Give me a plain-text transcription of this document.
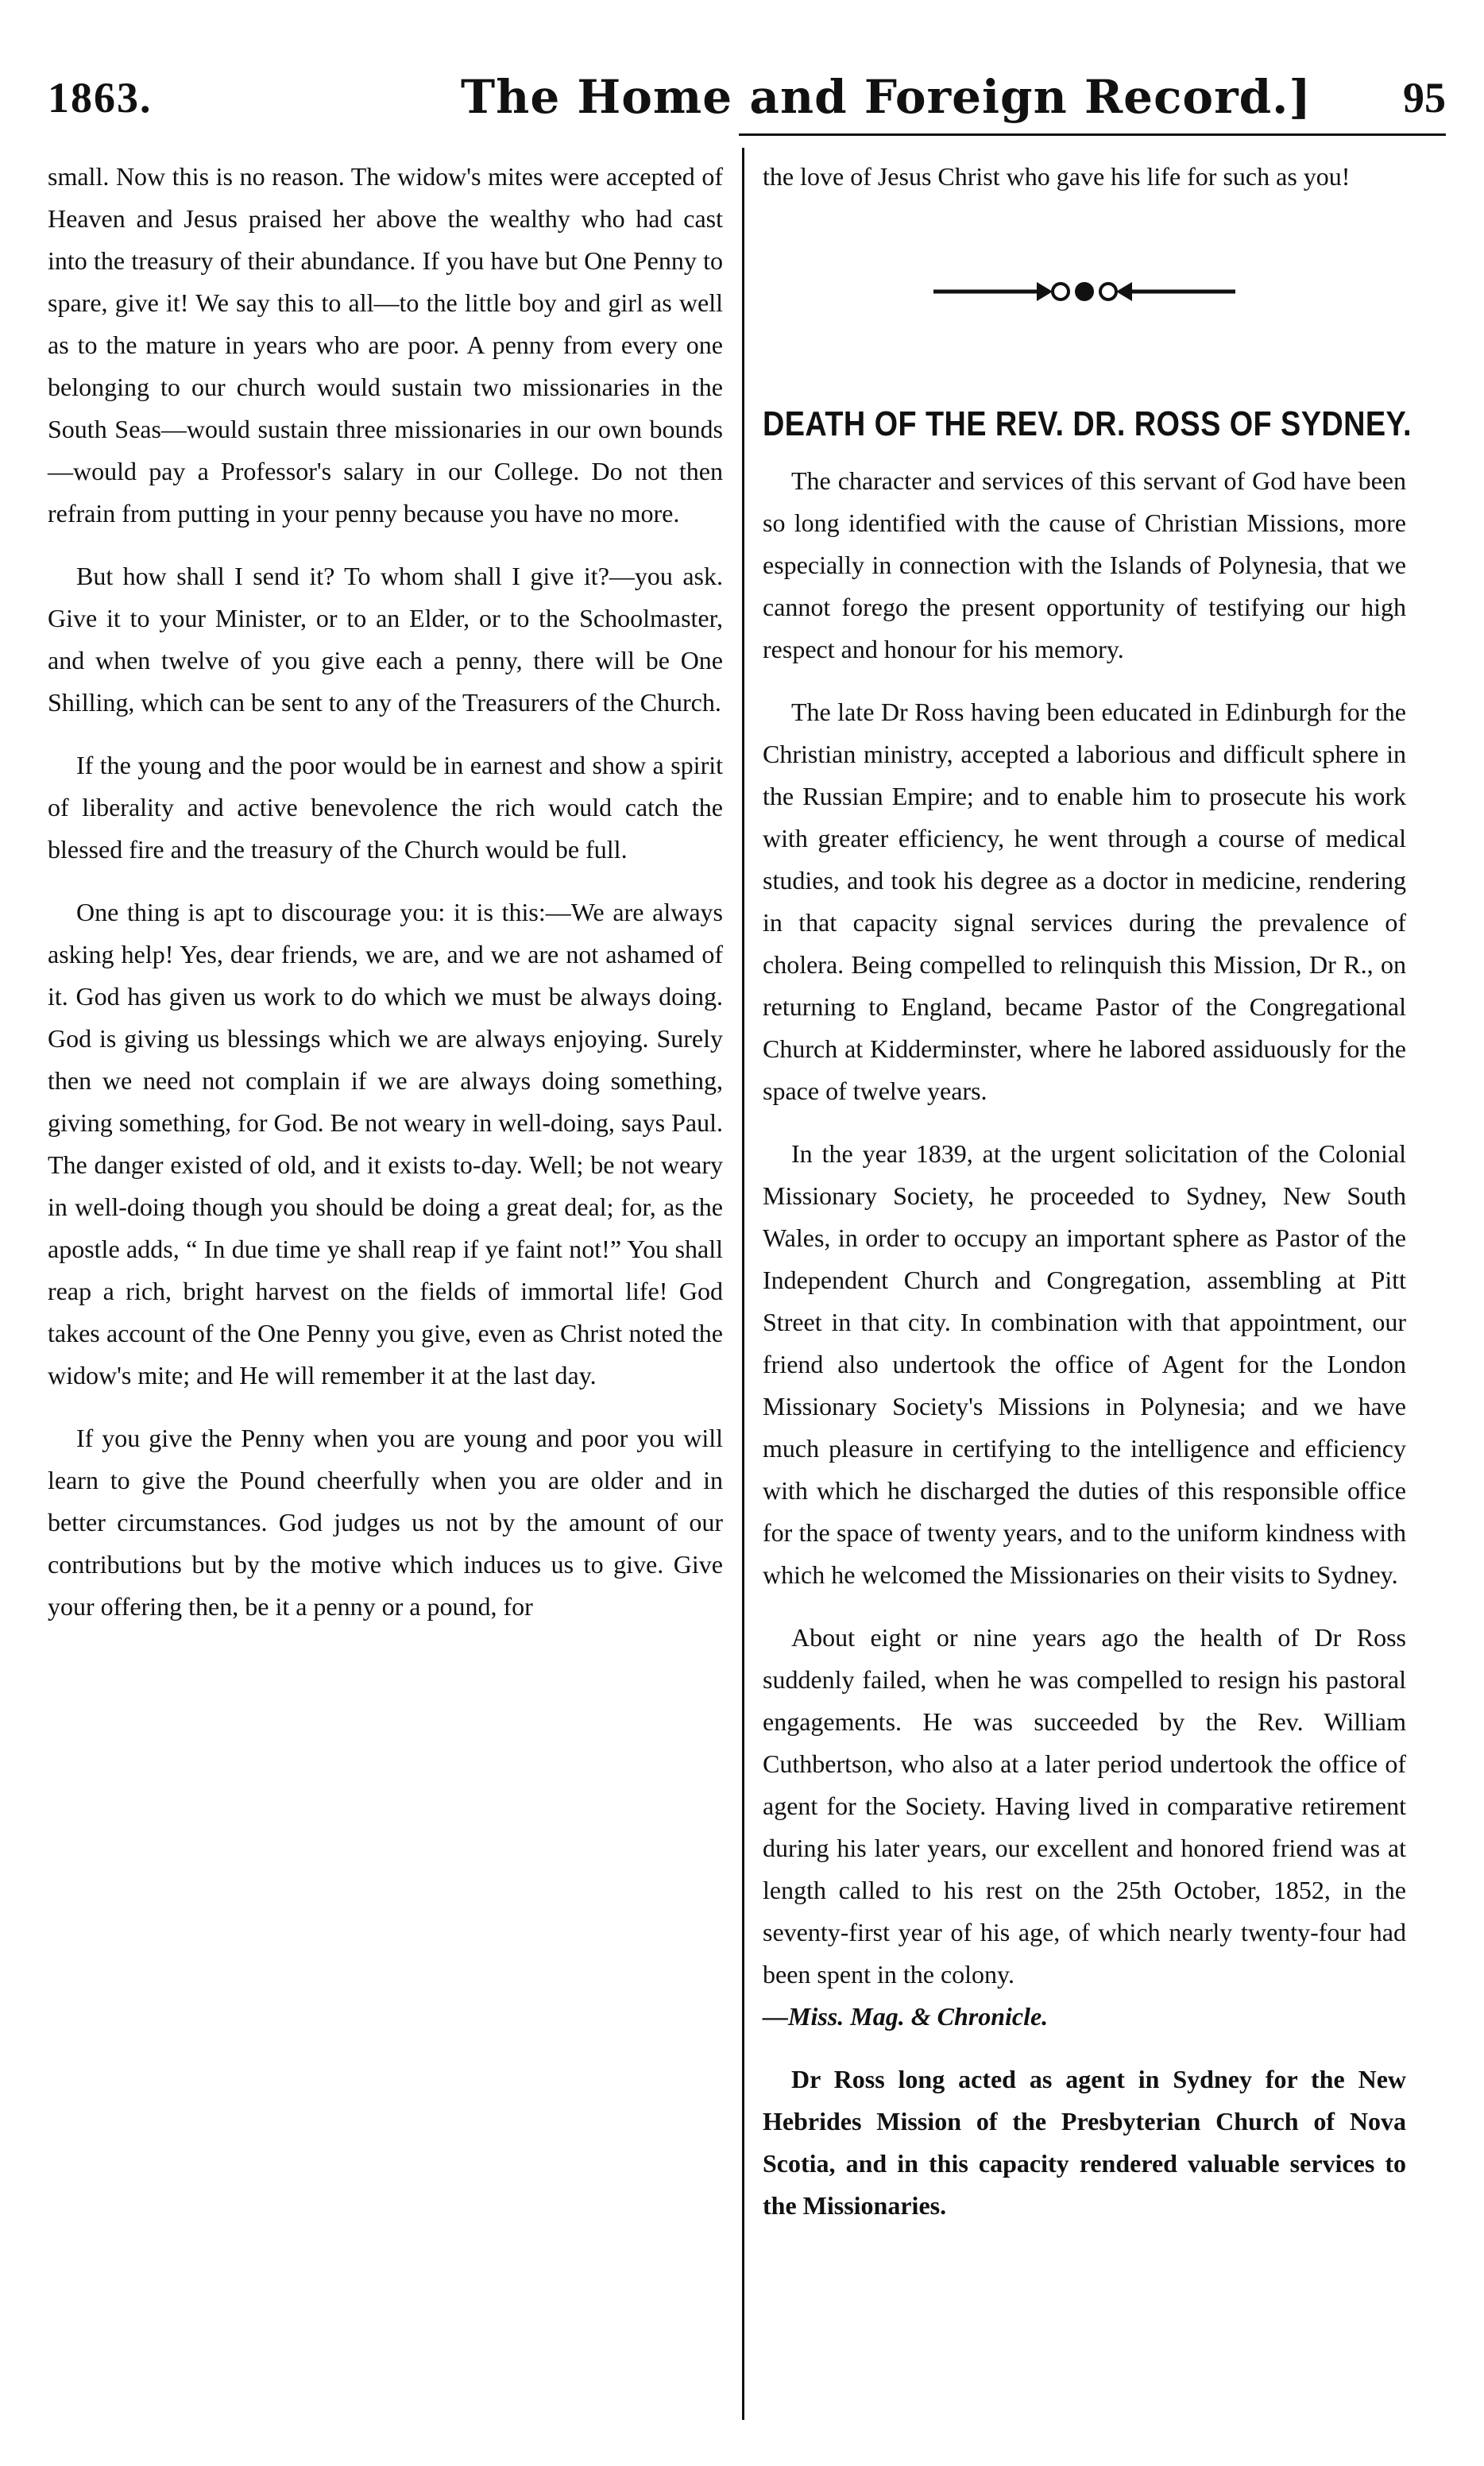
1863.	The Home and Foreign Record.] 95

small. Now this is no reason. The widow's mites were accepted of Heaven and Jesus praised her above the wealthy who had cast into the treasury of their abundance. If you have but One Penny to spare, give it! We say this to all—to the little boy and girl as well as to the mature in years who are poor. A penny from every one belonging to our church would sustain two missionaries in the South Seas—would sustain three missionaries in our own bounds—would pay a Professor's salary in our College. Do not then refrain from putting in your penny because you have no more.

But how shall I send it? To whom shall I give it?—you ask. Give it to your Minister, or to an Elder, or to the Schoolmaster, and when twelve of you give each a penny, there will be One Shilling, which can be sent to any of the Treasurers of the Church.

If the young and the poor would be in earnest and show a spirit of liberality and active benevolence the rich would catch the blessed fire and the treasury of the Church would be full.

One thing is apt to discourage you: it is this:—We are always asking help! Yes, dear friends, we are, and we are not ashamed of it. God has given us work to do which we must be always doing. God is giving us blessings which we are always enjoying. Surely then we need not complain if we are always doing something, giving something, for God. Be not weary in well-doing, says Paul. The danger existed of old, and it exists to-day. Well; be not weary in well-doing though you should be doing a great deal; for, as the apostle adds, “ In due time ye shall reap if ye faint not!” You shall reap a rich, bright harvest on the fields of immortal life! God takes account of the One Penny you give, even as Christ noted the widow's mite; and He will remember it at the last day.

If you give the Penny when you are young and poor you will learn to give the Pound cheerfully when you are older and in better circumstances. God judges us not by the amount of our contributions but by the motive which induces us to give. Give your offering then, be it a penny or a pound, for

the love of Jesus Christ who gave his life for such as you!

DEATH OF THE REV. DR. ROSS OF SYDNEY.

The character and services of this servant of God have been so long identified with the cause of Christian Missions, more especially in connection with the Islands of Polynesia, that we cannot forego the present opportunity of testifying our high respect and honour for his memory.

The late Dr Ross having been educated in Edinburgh for the Christian ministry, accepted a laborious and difficult sphere in the Russian Empire; and to enable him to prosecute his work with greater efficiency, he went through a course of medical studies, and took his degree as a doctor in medicine, rendering in that capacity signal services during the prevalence of cholera. Being compelled to relinquish this Mission, Dr R., on returning to England, became Pastor of the Congregational Church at Kidderminster, where he labored assiduously for the space of twelve years.

In the year 1839, at the urgent solicitation of the Colonial Missionary Society, he proceeded to Sydney, New South Wales, in order to occupy an important sphere as Pastor of the Independent Church and Congregation, assembling at Pitt Street in that city. In combination with that appointment, our friend also undertook the office of Agent for the London Missionary Society's Missions in Polynesia; and we have much pleasure in certifying to the intelligence and efficiency with which he discharged the duties of this responsible office for the space of twenty years, and to the uniform kindness with which he welcomed the Missionaries on their visits to Sydney.

About eight or nine years ago the health of Dr Ross suddenly failed, when he was compelled to resign his pastoral engagements. He was succeeded by the Rev. William Cuthbertson, who also at a later period undertook the office of agent for the Society. Having lived in comparative retirement during his later years, our excellent and honored friend was at length called to his rest on the 25th October, 1852, in the seventy-first year of his age, of which nearly twenty-four had been spent in the colony.

—Miss. Mag. & Chronicle.

Dr Ross long acted as agent in Sydney for the New Hebrides Mission of the Presbyterian Church of Nova Scotia, and in this capacity rendered valuable services to the Missionaries.
